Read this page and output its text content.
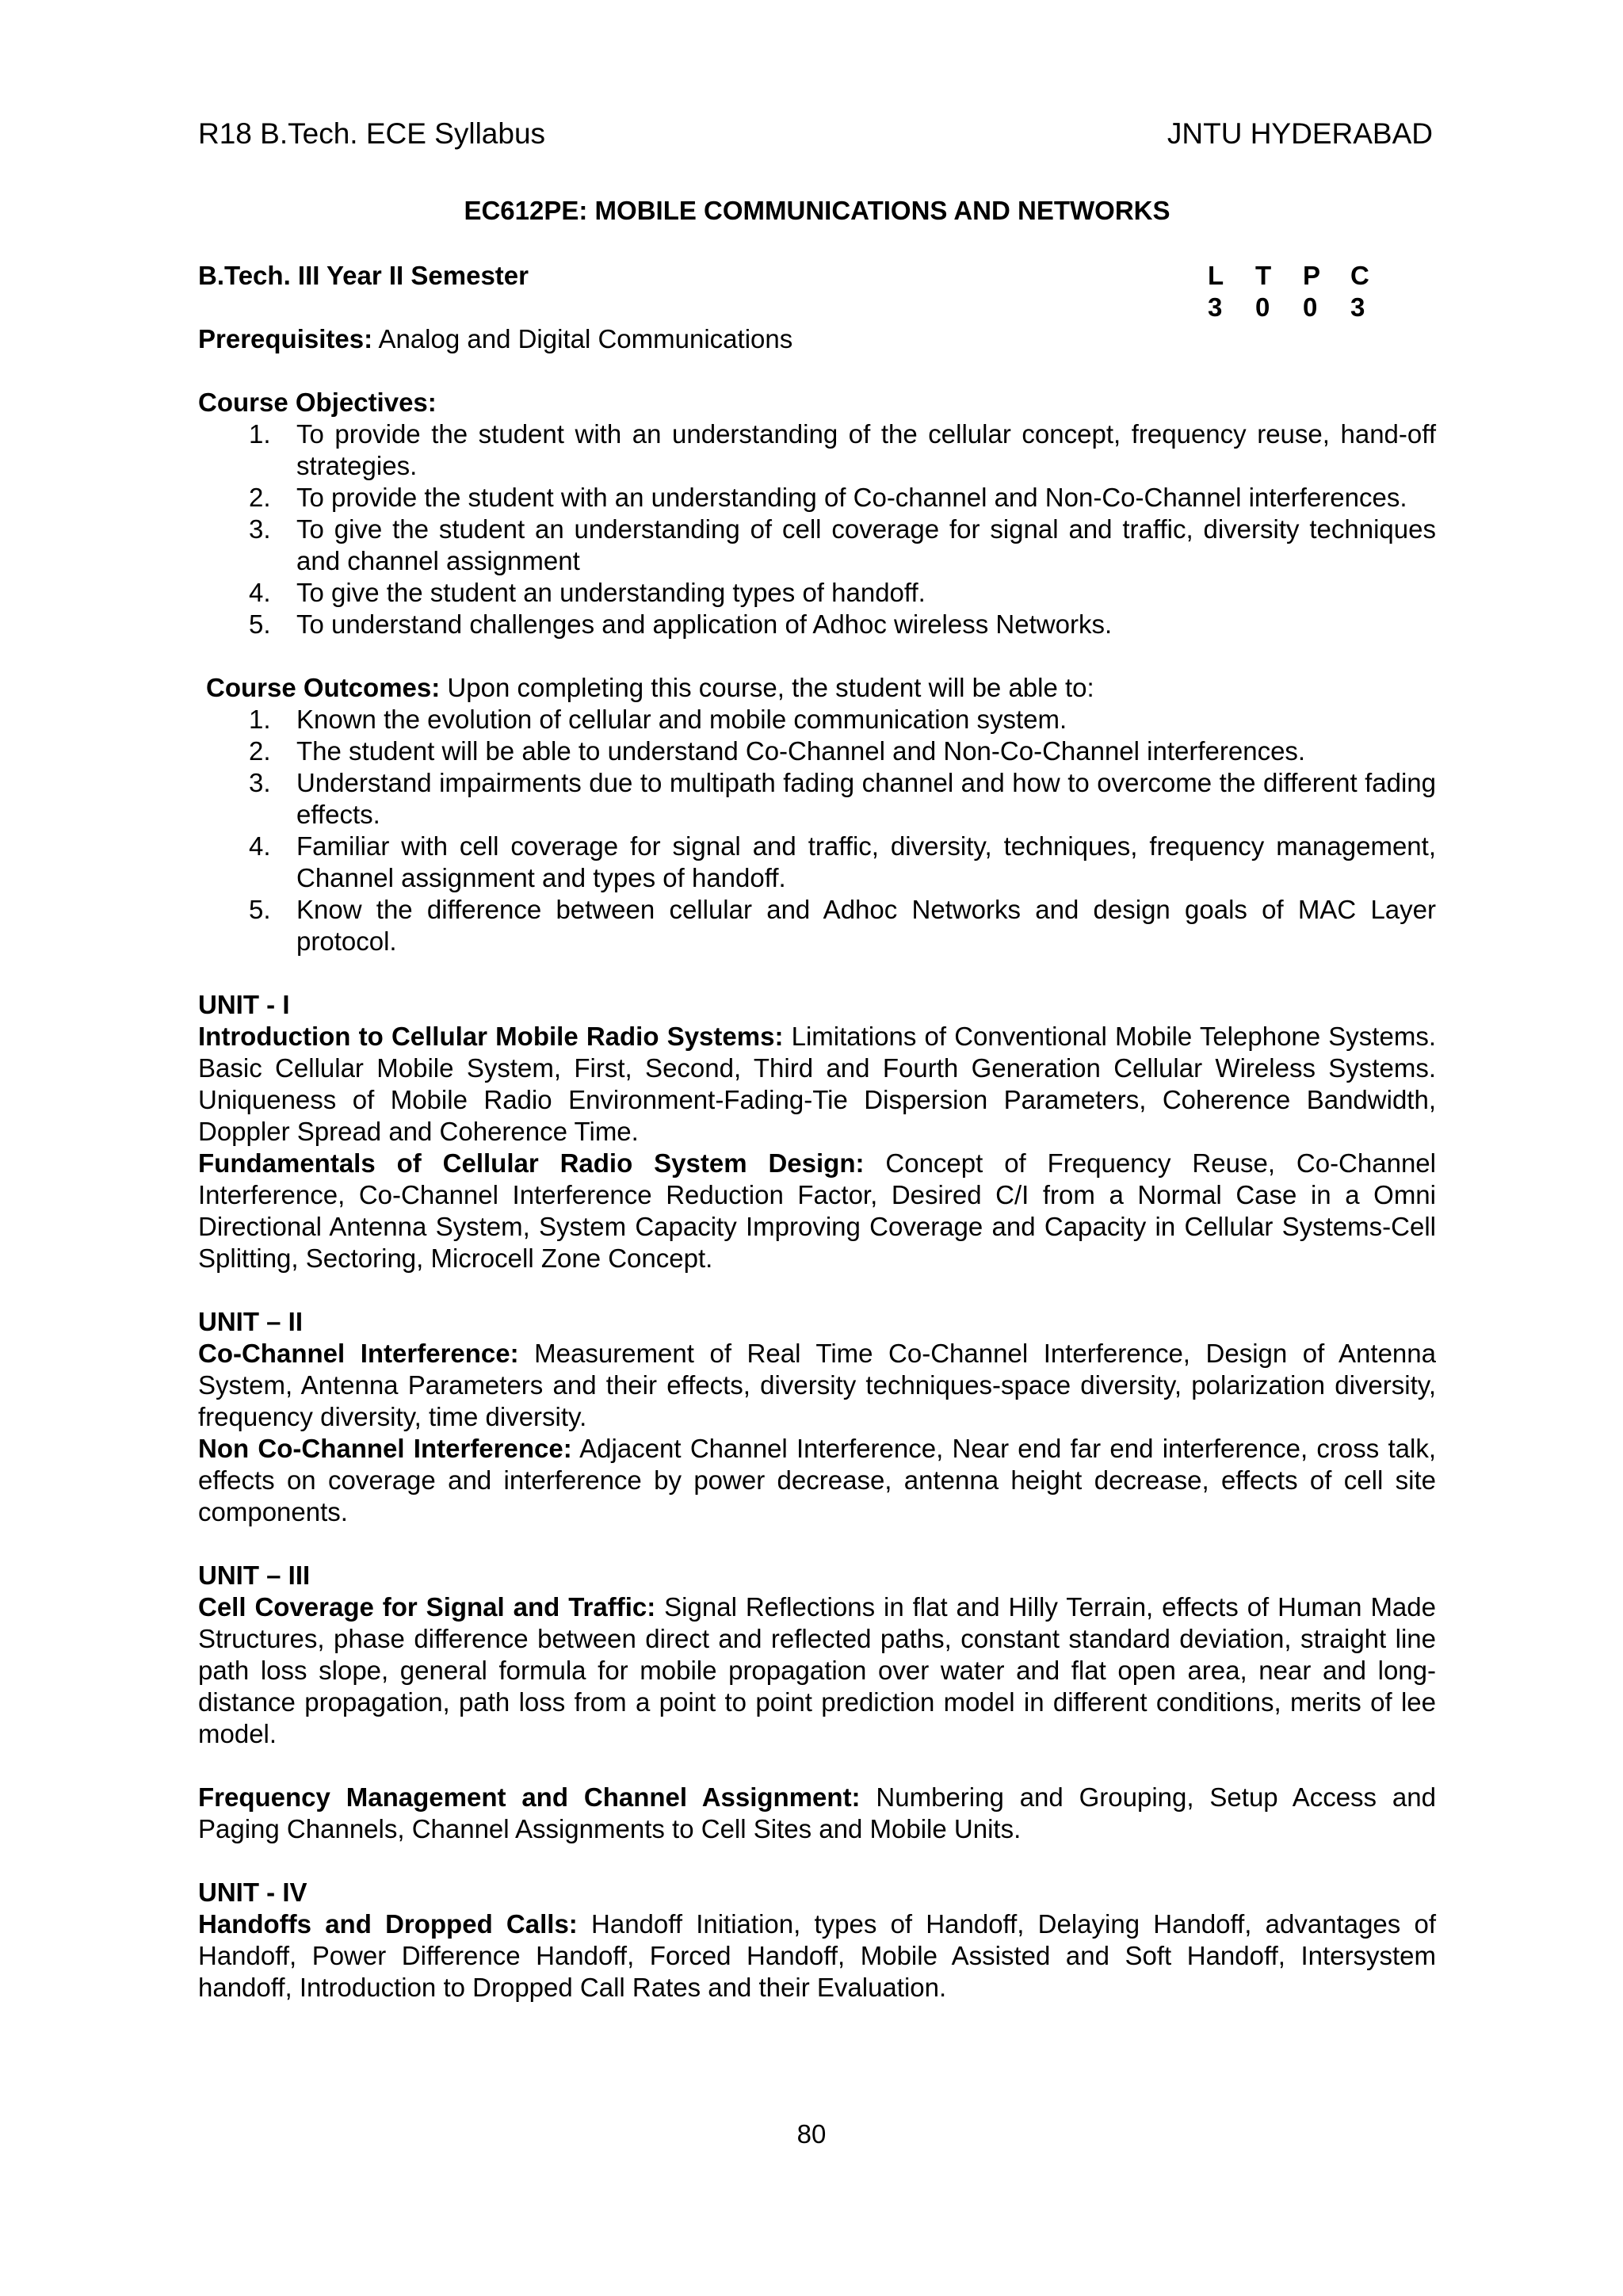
R18 B.Tech. ECE Syllabus	JNTU HYDERABAD
EC612PE: MOBILE COMMUNICATIONS AND NETWORKS
B.Tech. III Year II Semester	L	T	P	C
3	0	0	3
Prerequisites: Analog and Digital Communications
Course Objectives:
1. To provide the student with an understanding of the cellular concept, frequency reuse, hand-off strategies.
2. To provide the student with an understanding of Co-channel and Non-Co-Channel interferences.
3. To give the student an understanding of cell coverage for signal and traffic, diversity techniques and channel assignment
4. To give the student an understanding types of handoff.
5. To understand challenges and application of Adhoc wireless Networks.
Course Outcomes: Upon completing this course, the student will be able to:
1. Known the evolution of cellular and mobile communication system.
2. The student will be able to understand Co-Channel and Non-Co-Channel interferences.
3. Understand impairments due to multipath fading channel and how to overcome the different fading effects.
4. Familiar with cell coverage for signal and traffic, diversity, techniques, frequency management, Channel assignment and types of handoff.
5. Know the difference between cellular and Adhoc Networks and design goals of MAC Layer protocol.
UNIT - I

Introduction to Cellular Mobile Radio Systems: Limitations of Conventional Mobile Telephone Systems. Basic Cellular Mobile System, First, Second, Third and Fourth Generation Cellular Wireless Systems. Uniqueness of Mobile Radio Environment-Fading-Tie Dispersion Parameters, Coherence Bandwidth, Doppler Spread and Coherence Time.

Fundamentals of Cellular Radio System Design: Concept of Frequency Reuse, Co-Channel Interference, Co-Channel Interference Reduction Factor, Desired C/I from a Normal Case in a Omni Directional Antenna System, System Capacity Improving Coverage and Capacity in Cellular Systems-Cell Splitting, Sectoring, Microcell Zone Concept.

UNIT – II

Co-Channel Interference: Measurement of Real Time Co-Channel Interference, Design of Antenna System, Antenna Parameters and their effects, diversity techniques-space diversity, polarization diversity, frequency diversity, time diversity.

Non Co-Channel Interference: Adjacent Channel Interference, Near end far end interference, cross talk, effects on coverage and interference by power decrease, antenna height decrease, effects of cell site components.

UNIT – III

Cell Coverage for Signal and Traffic: Signal Reflections in flat and Hilly Terrain, effects of Human Made Structures, phase difference between direct and reflected paths, constant standard deviation, straight line path loss slope, general formula for mobile propagation over water and flat open area, near and long-distance propagation, path loss from a point to point prediction model in different conditions, merits of lee model.

Frequency Management and Channel Assignment: Numbering and Grouping, Setup Access and Paging Channels, Channel Assignments to Cell Sites and Mobile Units.

UNIT - IV

Handoffs and Dropped Calls: Handoff Initiation, types of Handoff, Delaying Handoff, advantages of Handoff, Power Difference Handoff, Forced Handoff, Mobile Assisted and Soft Handoff, Intersystem handoff, Introduction to Dropped Call Rates and their Evaluation.

80
